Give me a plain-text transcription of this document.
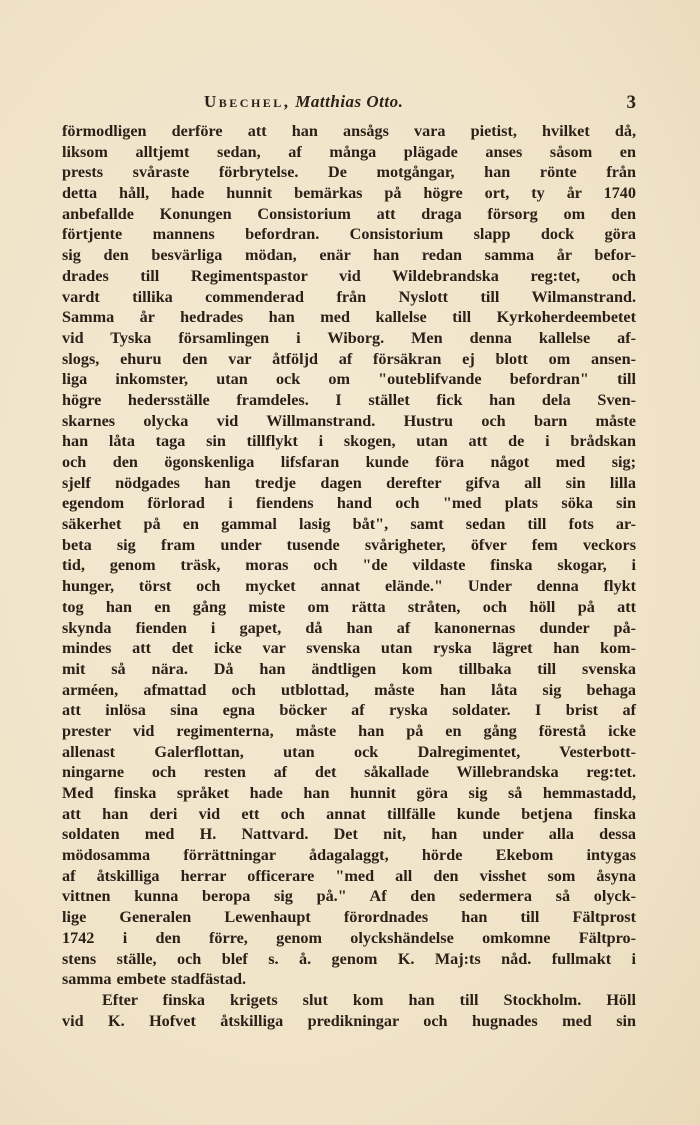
Ubechel, Matthias Otto.	3
förmodligen derföre att han ansågs vara pietist, hvilket då,
liksom alltjemt sedan, af många plägade anses såsom en
prests svåraste förbrytelse. De motgångar, han rönte från
detta håll, hade hunnit bemärkas på högre ort, ty år 1740
anbefallde Konungen Consistorium att draga försorg om den
förtjente mannens befordran. Consistorium slapp dock göra
sig den besvärliga mödan, enär han redan samma år befor-
drades till Regimentspastor vid Wildebrandska reg:tet, och
vardt tillika commenderad från Nyslott till Wilmanstrand.
Samma år hedrades han med kallelse till Kyrkoherdeembetet
vid Tyska församlingen i Wiborg. Men denna kallelse af-
slogs, ehuru den var åtföljd af försäkran ej blott om ansen-
liga inkomster, utan ock om "outeblifvande befordran" till
högre hedersställe framdeles. I stället fick han dela Sven-
skarnes olycka vid Willmanstrand. Hustru och barn måste
han låta taga sin tillflykt i skogen, utan att de i brådskan
och den ögonskenliga lifsfaran kunde föra något med sig;
sjelf nödgades han tredje dagen derefter gifva all sin lilla
egendom förlorad i fiendens hand och "med plats söka sin
säkerhet på en gammal lasig båt", samt sedan till fots ar-
beta sig fram under tusende svårigheter, öfver fem veckors
tid, genom träsk, moras och "de vildaste finska skogar, i
hunger, törst och mycket annat elände." Under denna flykt
tog han en gång miste om rätta stråten, och höll på att
skynda fienden i gapet, då han af kanonernas dunder på-
mindes att det icke var svenska utan ryska lägret han kom-
mit så nära. Då han ändtligen kom tillbaka till svenska
arméen, afmattad och utblottad, måste han låta sig behaga
att inlösa sina egna böcker af ryska soldater. I brist af
prester vid regimenterna, måste han på en gång förestå icke
allenast Galerflottan, utan ock Dalregimentet, Vesterbott-
ningarne och resten af det såkallade Willebrandska reg:tet.
Med finska språket hade han hunnit göra sig så hemmastadd,
att han deri vid ett och annat tillfälle kunde betjena finska
soldaten med H. Nattvard. Det nit, han under alla dessa
mödosamma förrättningar ådagalaggt, hörde Ekebom intygas
af åtskilliga herrar officerare "med all den visshet som åsyna
vittnen kunna beropa sig på." Af den sedermera så olyck-
lige Generalen Lewenhaupt förordnades han till Fältprost
1742 i den förre, genom olyckshändelse omkomne Fältpro-
stens ställe, och blef s. å. genom K. Maj:ts nåd. fullmakt i
samma embete stadfästad.
Efter finska krigets slut kom han till Stockholm. Höll
vid K. Hofvet åtskilliga predikningar och hugnades med sin
